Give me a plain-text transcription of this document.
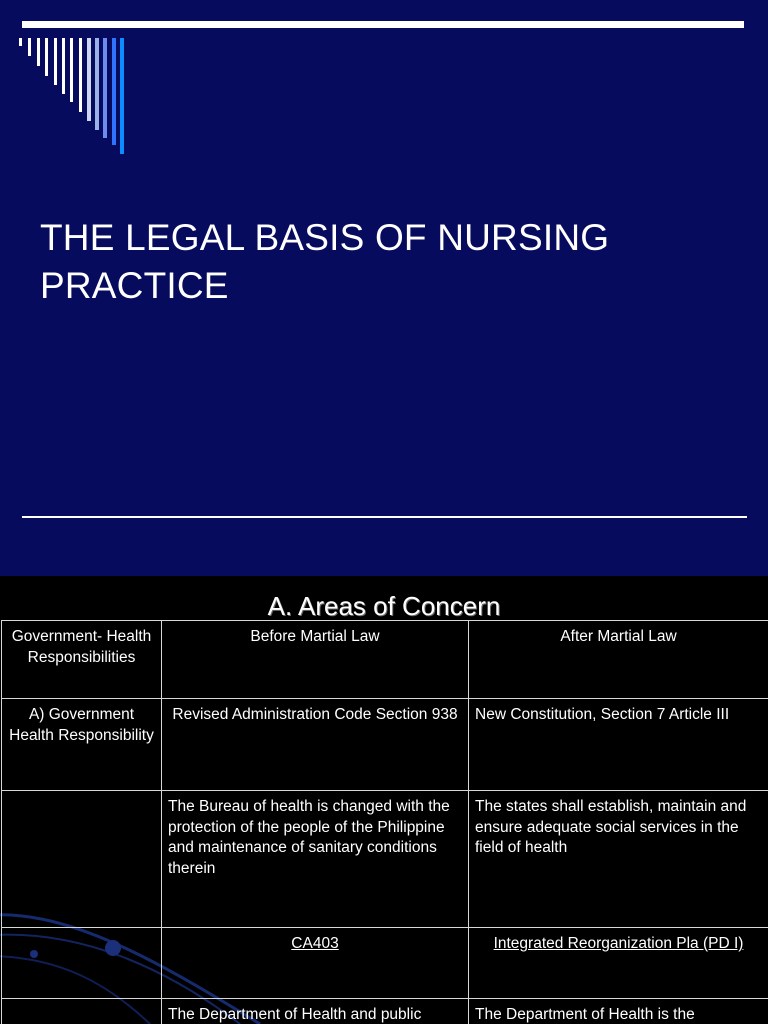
THE LEGAL BASIS OF NURSING PRACTICE
A. Areas of Concern
Government- Health Responsibilities	Before Martial Law	After Martial Law
A) Government Health Responsibility	Revised Administration Code Section 938	New Constitution, Section 7 Article III
	The Bureau of health is changed with the protection of the people of the Philippine and maintenance of sanitary conditions therein	The states shall establish, maintain and ensure adequate social services in the field of health
	CA403	Integrated Reorganization Pla (PD I)
	The Department of Health and public	The Department of Health is the
